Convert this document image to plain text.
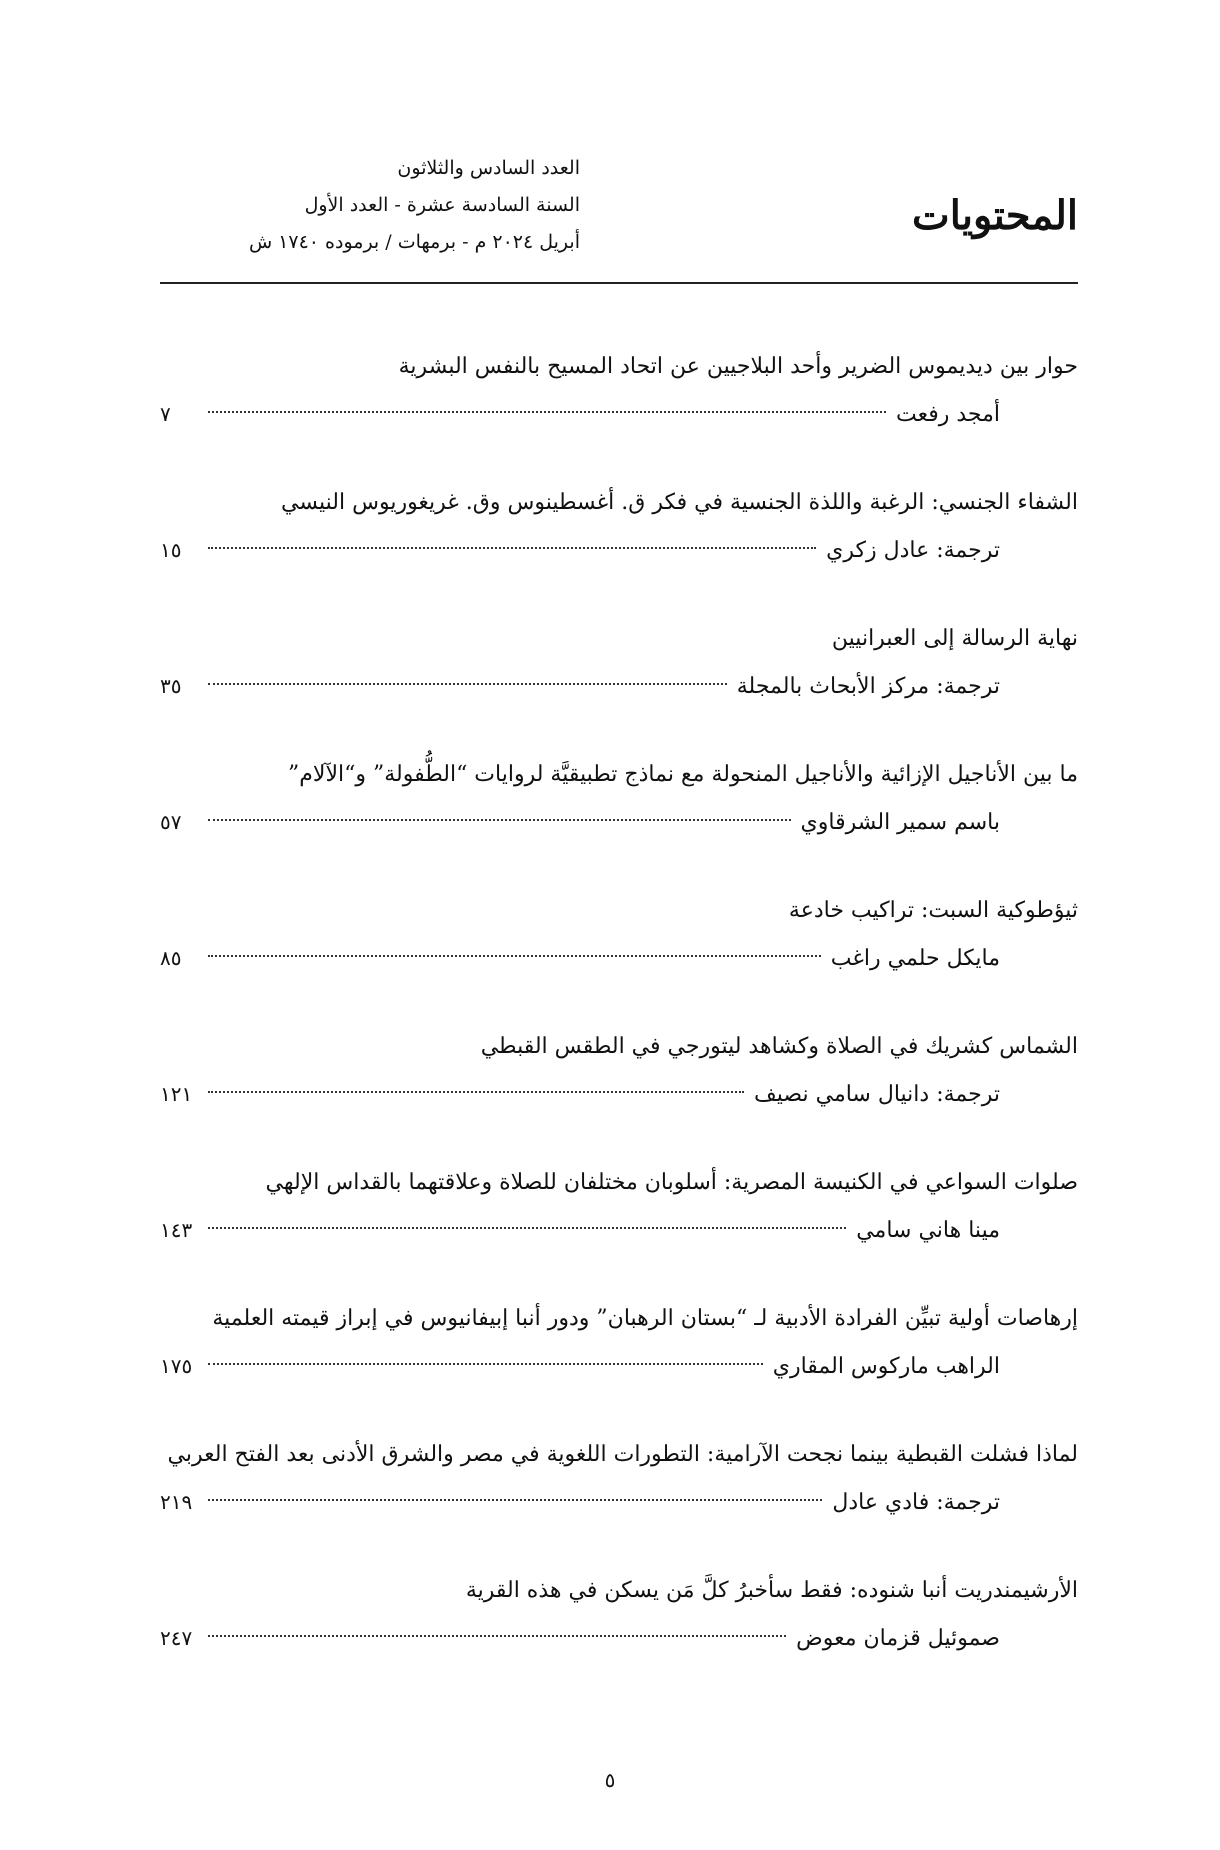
المحتويات
العدد السادس والثلاثون
السنة السادسة عشرة - العدد الأول
أبريل ٢٠٢٤ م - برمهات / برموده ١٧٤٠ ش
حوار بين ديديموس الضرير وأحد البلاجيين عن اتحاد المسيح بالنفس البشرية
أمجد رفعت
٧
الشفاء الجنسي: الرغبة واللذة الجنسية في فكر ق. أغسطينوس وق. غريغوريوس النيسي
ترجمة: عادل زكري
١٥
نهاية الرسالة إلى العبرانيين
ترجمة: مركز الأبحاث بالمجلة
٣٥
ما بين الأناجيل الإزائية والأناجيل المنحولة مع نماذج تطبيقيَّة لروايات “الطُّفولة” و“الآلام”
باسم سمير الشرقاوي
٥٧
ثيؤطوكية السبت: تراكيب خادعة
مايكل حلمي راغب
٨٥
الشماس كشريك في الصلاة وكشاهد ليتورجي في الطقس القبطي
ترجمة: دانيال سامي نصيف
١٢١
صلوات السواعي في الكنيسة المصرية: أسلوبان مختلفان للصلاة وعلاقتهما بالقداس الإلهي
مينا هاني سامي
١٤٣
إرهاصات أولية تبيِّن الفرادة الأدبية لـ “بستان الرهبان” ودور أنبا إبيفانيوس في إبراز قيمته العلمية
الراهب ماركوس المقاري
١٧٥
لماذا فشلت القبطية بينما نجحت الآرامية: التطورات اللغوية في مصر والشرق الأدنى بعد الفتح العربي
ترجمة: فادي عادل
٢١٩
الأرشيمندريت أنبا شنوده: فقط سأخبرُ كلَّ مَن يسكن في هذه القرية
صموئيل قزمان معوض
٢٤٧
٥
